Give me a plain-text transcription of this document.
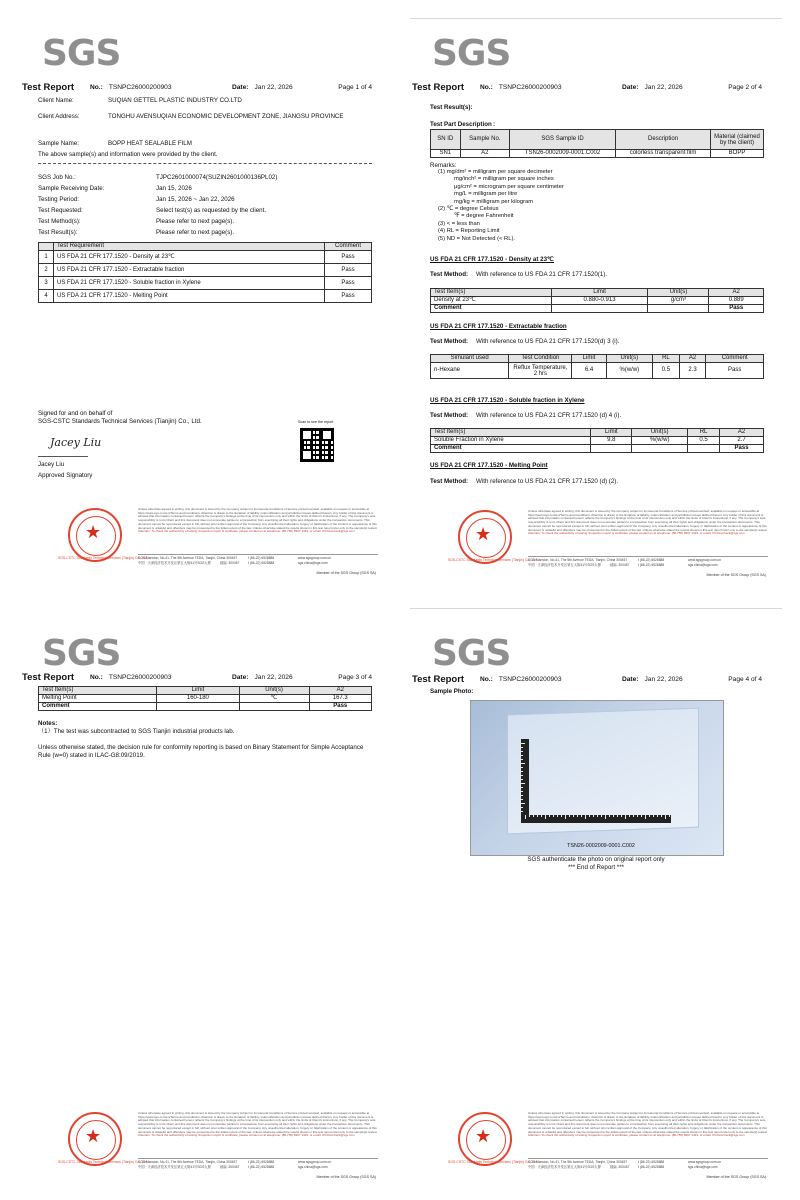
SGS
Test Report No.: TSNPC26000200903	Date: Jan 22, 2026	Page 1 of 4
Client Name:	SUQIAN GETTEL PLASTIC INDUSTRY CO.LTD
Client Address:	TONGHU AVENSUQIAN ECONOMIC DEVELOPMENT ZONE, JIANGSU PROVINCE
Sample Name:	BOPP HEAT SEALABLE FILM
The above sample(s) and information were provided by the client.
SGS Job No.:	TJPC2601000074(SUZIN2601000136PL02)
Sample Receiving Date:	Jan 15, 2026
Testing Period:	Jan 15, 2026 ~ Jan 22, 2026
Test Requested:	Select test(s) as requested by the client.
Test Method(s):	Please refer to next page(s).
Test Result(s):	Please refer to next page(s).
	Test Requirement	Comment
1	US FDA 21 CFR 177.1520 - Density at 23℃	Pass
2	US FDA 21 CFR 177.1520 - Extractable fraction	Pass
3	US FDA 21 CFR 177.1520 - Soluble fraction in Xylene	Pass
4	US FDA 21 CFR 177.1520 - Melting Point	Pass
Signed for and on behalf of
SGS-CSTC Standards Technical Services (Tianjin) Co., Ltd.
Jacey Liu
Jacey Liu
Approved Signatory
Scan to see the report
★
SGS-CSTC Standards Technical Services (Tianjin) Co., Ltd.
Unless otherwise agreed in writing, this document is issued by the Company subject to its General Conditions of Service printed overleaf, available on request or accessible at https://www.sgs.com/en/Terms-and-Conditions. Attention is drawn to the limitation of liability, indemnification and jurisdiction issues defined therein. Any holder of this document is advised that information contained hereon reflects the Company's findings at the time of its intervention only and within the limits of Client's instructions, if any. The Company's sole responsibility is to its Client and this document does not exonerate parties to a transaction from exercising all their rights and obligations under the transaction documents. This document cannot be reproduced except in full, without prior written approval of the Company. Any unauthorized alteration, forgery or falsification of the content or appearance of this document is unlawful and offenders may be prosecuted to the fullest extent of the law. Unless otherwise stated the results shown in this test report refer only to the sample(s) tested. Attention: To check the authenticity of testing /inspection report & certificate, please contact us at telephone: (86-755) 8307 1443, or email: CN.Doccheck@sgs.com
SGS Mansion, No.41, The 5th Avenue TEDA, Tianjin, China 300457	t (86-22) 6528888	www.sgsgroup.com.cn
中国 · 天津经济技术开发区第五大街41号SGS大厦	邮编: 300457	t (86-22) 6528888	sgs.china@sgs.com
Member of the SGS Group (SGS SA)
SGS
Test Report No.: TSNPC26000200903	Date: Jan 22, 2026	Page 2 of 4
Test Result(s):
Test Part Description :
SN ID	Sample No.	SGS Sample ID	Description	Material (claimed by the client)
SN1	A2	TSN26-0002009-0001.C002	colorless transparent film	BOPP
Remarks:
(1) mg/dm² = milligram per square decimeter
mg/inch² = milligram per square inches
μg/cm² = microgram per square centimeter
mg/L = milligram per litre
mg/kg = milligram per kilogram
(2) ℃ = degree Celsius
℉ = degree Fahrenheit
(3) < = less than
(4) RL = Reporting Limit
(5) ND = Not Detected (< RL).
US FDA 21 CFR 177.1520 - Density at 23℃
Test Method: With reference to US FDA 21 CFR 177.1520(1).
Test Item(s)	Limit	Unit(s)	A2
Density at 23℃	0.880-0.913	g/cm³	0.889
Comment			Pass
US FDA 21 CFR 177.1520 - Extractable fraction
Test Method: With reference to US FDA 21 CFR 177.1520(d) 3 (i).
Simulant used	Test Condition	Limit	Unit(s)	RL	A2	Comment
n-Hexane	Reflux Temperature, 2 hrs	6.4	%(w/w)	0.5	2.3	Pass
US FDA 21 CFR 177.1520 - Soluble fraction in Xylene
Test Method: With reference to US FDA 21 CFR 177.1520 (d) 4 (i).
Test Item(s)	Limit	Unit(s)	RL	A2
Soluble Fraction in Xylene	9.8	%(w/w)	0.5	2.7
Comment				Pass
US FDA 21 CFR 177.1520 - Melting Point
Test Method: With reference to US FDA 21 CFR 177.1520 (d) (2).
★
SGS-CSTC Standards Technical Services (Tianjin) Co., Ltd.
Unless otherwise agreed in writing, this document is issued by the Company subject to its General Conditions of Service printed overleaf, available on request or accessible at https://www.sgs.com/en/Terms-and-Conditions. Attention is drawn to the limitation of liability, indemnification and jurisdiction issues defined therein. Any holder of this document is advised that information contained hereon reflects the Company's findings at the time of its intervention only and within the limits of Client's instructions, if any. The Company's sole responsibility is to its Client and this document does not exonerate parties to a transaction from exercising all their rights and obligations under the transaction documents. This document cannot be reproduced except in full, without prior written approval of the Company. Any unauthorized alteration, forgery or falsification of the content or appearance of this document is unlawful and offenders may be prosecuted to the fullest extent of the law. Unless otherwise stated the results shown in this test report refer only to the sample(s) tested. Attention: To check the authenticity of testing /inspection report & certificate, please contact us at telephone: (86-755) 8307 1443, or email: CN.Doccheck@sgs.com
SGS Mansion, No.41, The 5th Avenue TEDA, Tianjin, China 300457	t (86-22) 6528888	www.sgsgroup.com.cn
中国 · 天津经济技术开发区第五大街41号SGS大厦	邮编: 300457	t (86-22) 6528888	sgs.china@sgs.com
Member of the SGS Group (SGS SA)
SGS
Test Report No.: TSNPC26000200903	Date: Jan 22, 2026	Page 3 of 4
Test Item(s)	Limit	Unit(s)	A2
Melting Point	160-180	℃	167.3
Comment			Pass
Notes:
（1）The test was subcontracted to SGS Tianjin industrial products lab.
Unless otherwise stated, the decision rule for conformity reporting is based on Binary Statement for Simple Acceptance Rule (w=0) stated in ILAC-G8:09/2019.
★
SGS-CSTC Standards Technical Services (Tianjin) Co., Ltd.
Unless otherwise agreed in writing, this document is issued by the Company subject to its General Conditions of Service printed overleaf, available on request or accessible at https://www.sgs.com/en/Terms-and-Conditions. Attention is drawn to the limitation of liability, indemnification and jurisdiction issues defined therein. Any holder of this document is advised that information contained hereon reflects the Company's findings at the time of its intervention only and within the limits of Client's instructions, if any. The Company's sole responsibility is to its Client and this document does not exonerate parties to a transaction from exercising all their rights and obligations under the transaction documents. This document cannot be reproduced except in full, without prior written approval of the Company. Any unauthorized alteration, forgery or falsification of the content or appearance of this document is unlawful and offenders may be prosecuted to the fullest extent of the law. Unless otherwise stated the results shown in this test report refer only to the sample(s) tested. Attention: To check the authenticity of testing /inspection report & certificate, please contact us at telephone: (86-755) 8307 1443, or email: CN.Doccheck@sgs.com
SGS Mansion, No.41, The 5th Avenue TEDA, Tianjin, China 300457	t (86-22) 6528888	www.sgsgroup.com.cn
中国 · 天津经济技术开发区第五大街41号SGS大厦	邮编: 300457	t (86-22) 6528888	sgs.china@sgs.com
Member of the SGS Group (SGS SA)
SGS
Test Report No.: TSNPC26000200903	Date: Jan 22, 2026	Page 4 of 4
Sample Photo:
TSN26-0002009-0001.C002
SGS authenticate the photo on original report only
*** End of Report ***
★
SGS-CSTC Standards Technical Services (Tianjin) Co., Ltd.
Unless otherwise agreed in writing, this document is issued by the Company subject to its General Conditions of Service printed overleaf, available on request or accessible at https://www.sgs.com/en/Terms-and-Conditions. Attention is drawn to the limitation of liability, indemnification and jurisdiction issues defined therein. Any holder of this document is advised that information contained hereon reflects the Company's findings at the time of its intervention only and within the limits of Client's instructions, if any. The Company's sole responsibility is to its Client and this document does not exonerate parties to a transaction from exercising all their rights and obligations under the transaction documents. This document cannot be reproduced except in full, without prior written approval of the Company. Any unauthorized alteration, forgery or falsification of the content or appearance of this document is unlawful and offenders may be prosecuted to the fullest extent of the law. Unless otherwise stated the results shown in this test report refer only to the sample(s) tested. Attention: To check the authenticity of testing /inspection report & certificate, please contact us at telephone: (86-755) 8307 1443, or email: CN.Doccheck@sgs.com
SGS Mansion, No.41, The 5th Avenue TEDA, Tianjin, China 300457	t (86-22) 6528888	www.sgsgroup.com.cn
中国 · 天津经济技术开发区第五大街41号SGS大厦	邮编: 300457	t (86-22) 6528888	sgs.china@sgs.com
Member of the SGS Group (SGS SA)
